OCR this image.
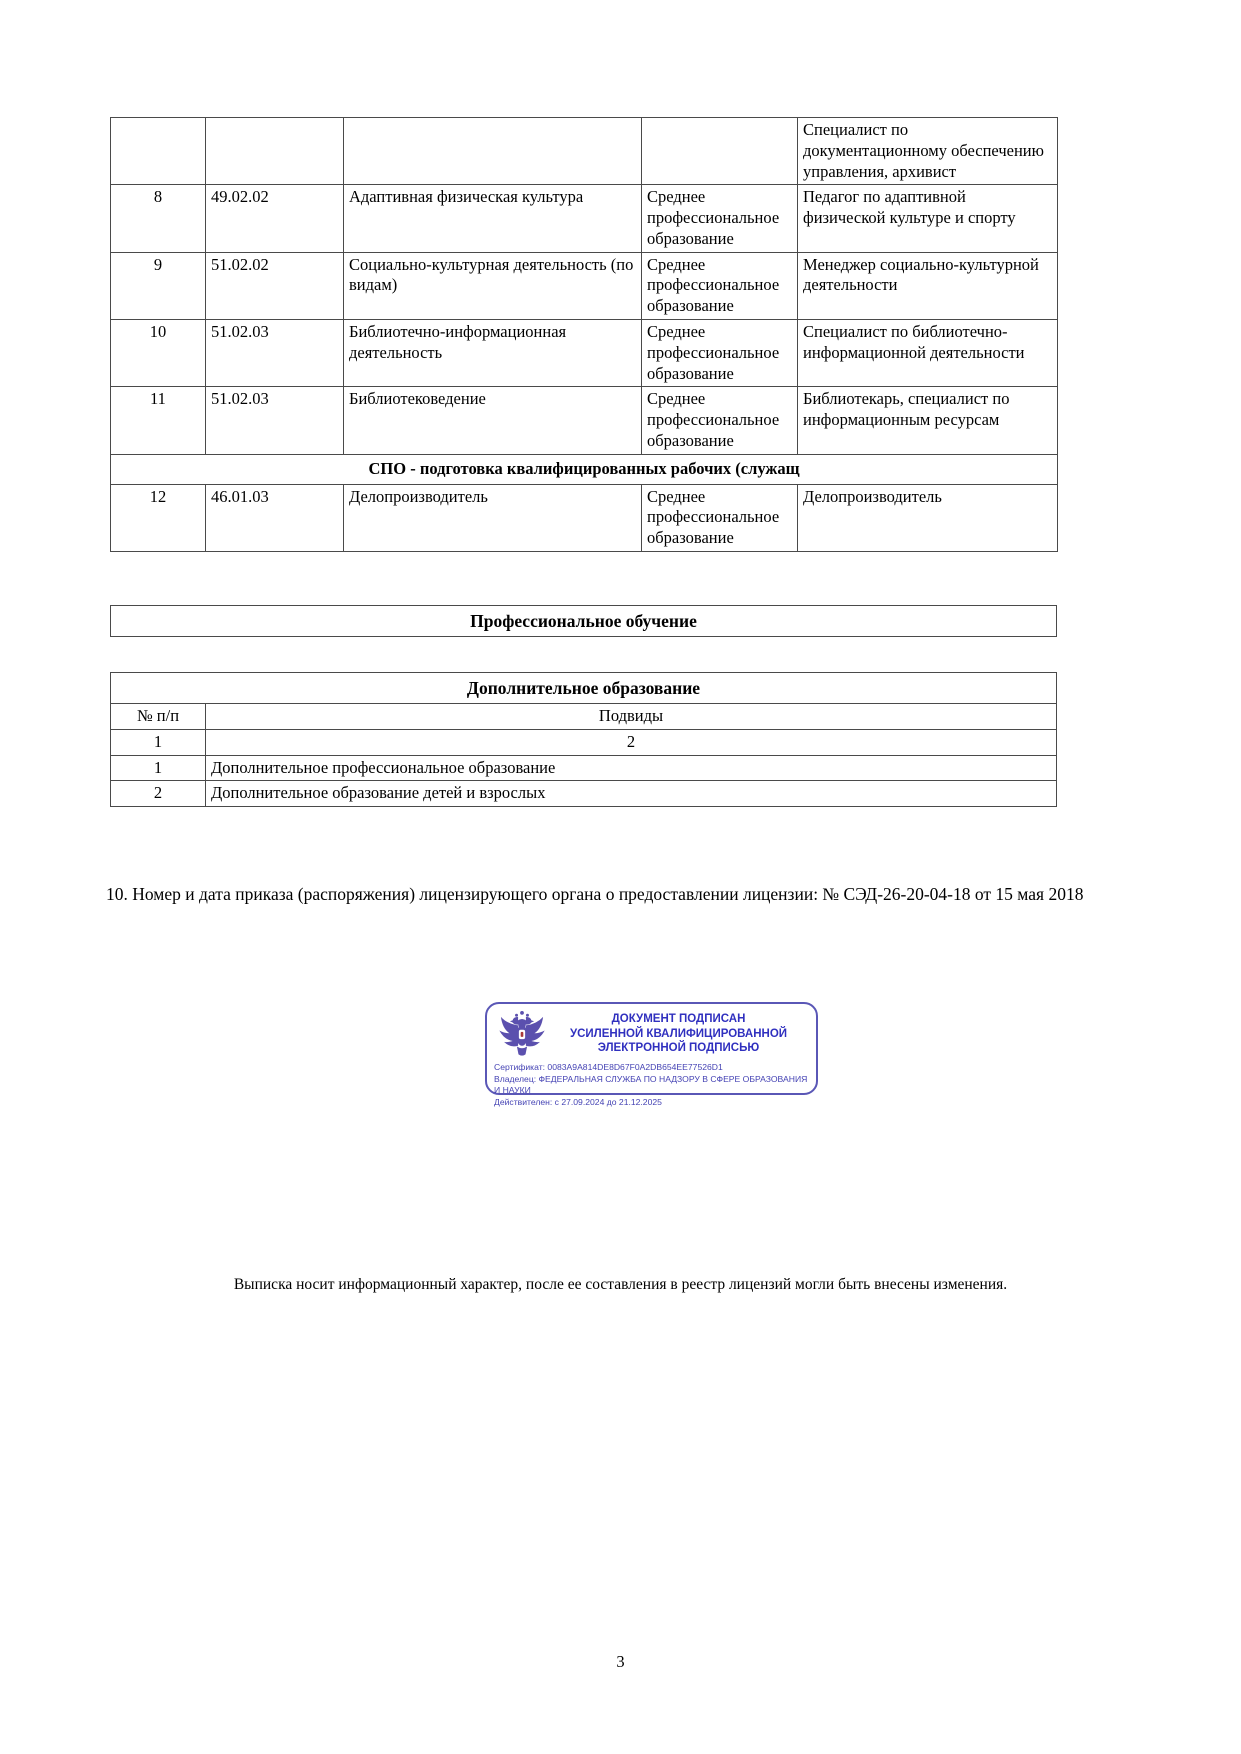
				Специалист по документационному обеспечению управления, архивист
8	49.02.02	Адаптивная физическая культура	Среднее профессиональное образование	Педагог по адаптивной физической культуре и спорту
9	51.02.02	Социально-культурная деятельность (по видам)	Среднее профессиональное образование	Менеджер социально-культурной деятельности
10	51.02.03	Библиотечно-информационная деятельность	Среднее профессиональное образование	Специалист по библиотечно-информационной деятельности
11	51.02.03	Библиотековедение	Среднее профессиональное образование	Библиотекарь, специалист по информационным ресурсам
СПО - подготовка квалифицированных рабочих (служащ				
12	46.01.03	Делопроизводитель	Среднее профессиональное образование	Делопроизводитель
Профессиональное обучение
Дополнительное образование	
№ п/п	Подвиды
1	2
1	Дополнительное профессиональное образование
2	Дополнительное образование детей и взрослых

10. Номер и дата приказа (распоряжения) лицензирующего органа о предоставлении лицензии: № СЭД-26-20-04-18 от 15 мая 2018

ДОКУМЕНТ ПОДПИСАН
УСИЛЕННОЙ КВАЛИФИЦИРОВАННОЙ
ЭЛЕКТРОННОЙ ПОДПИСЬЮ
Сертификат: 0083A9A814DE8D67F0A2DB654EE77526D1
Владелец: ФЕДЕРАЛЬНАЯ СЛУЖБА ПО НАДЗОРУ В СФЕРЕ ОБРАЗОВАНИЯ И НАУКИ
Действителен: с 27.09.2024 до 21.12.2025
Выписка носит информационный характер, после ее составления в реестр лицензий могли быть внесены изменения.
3
